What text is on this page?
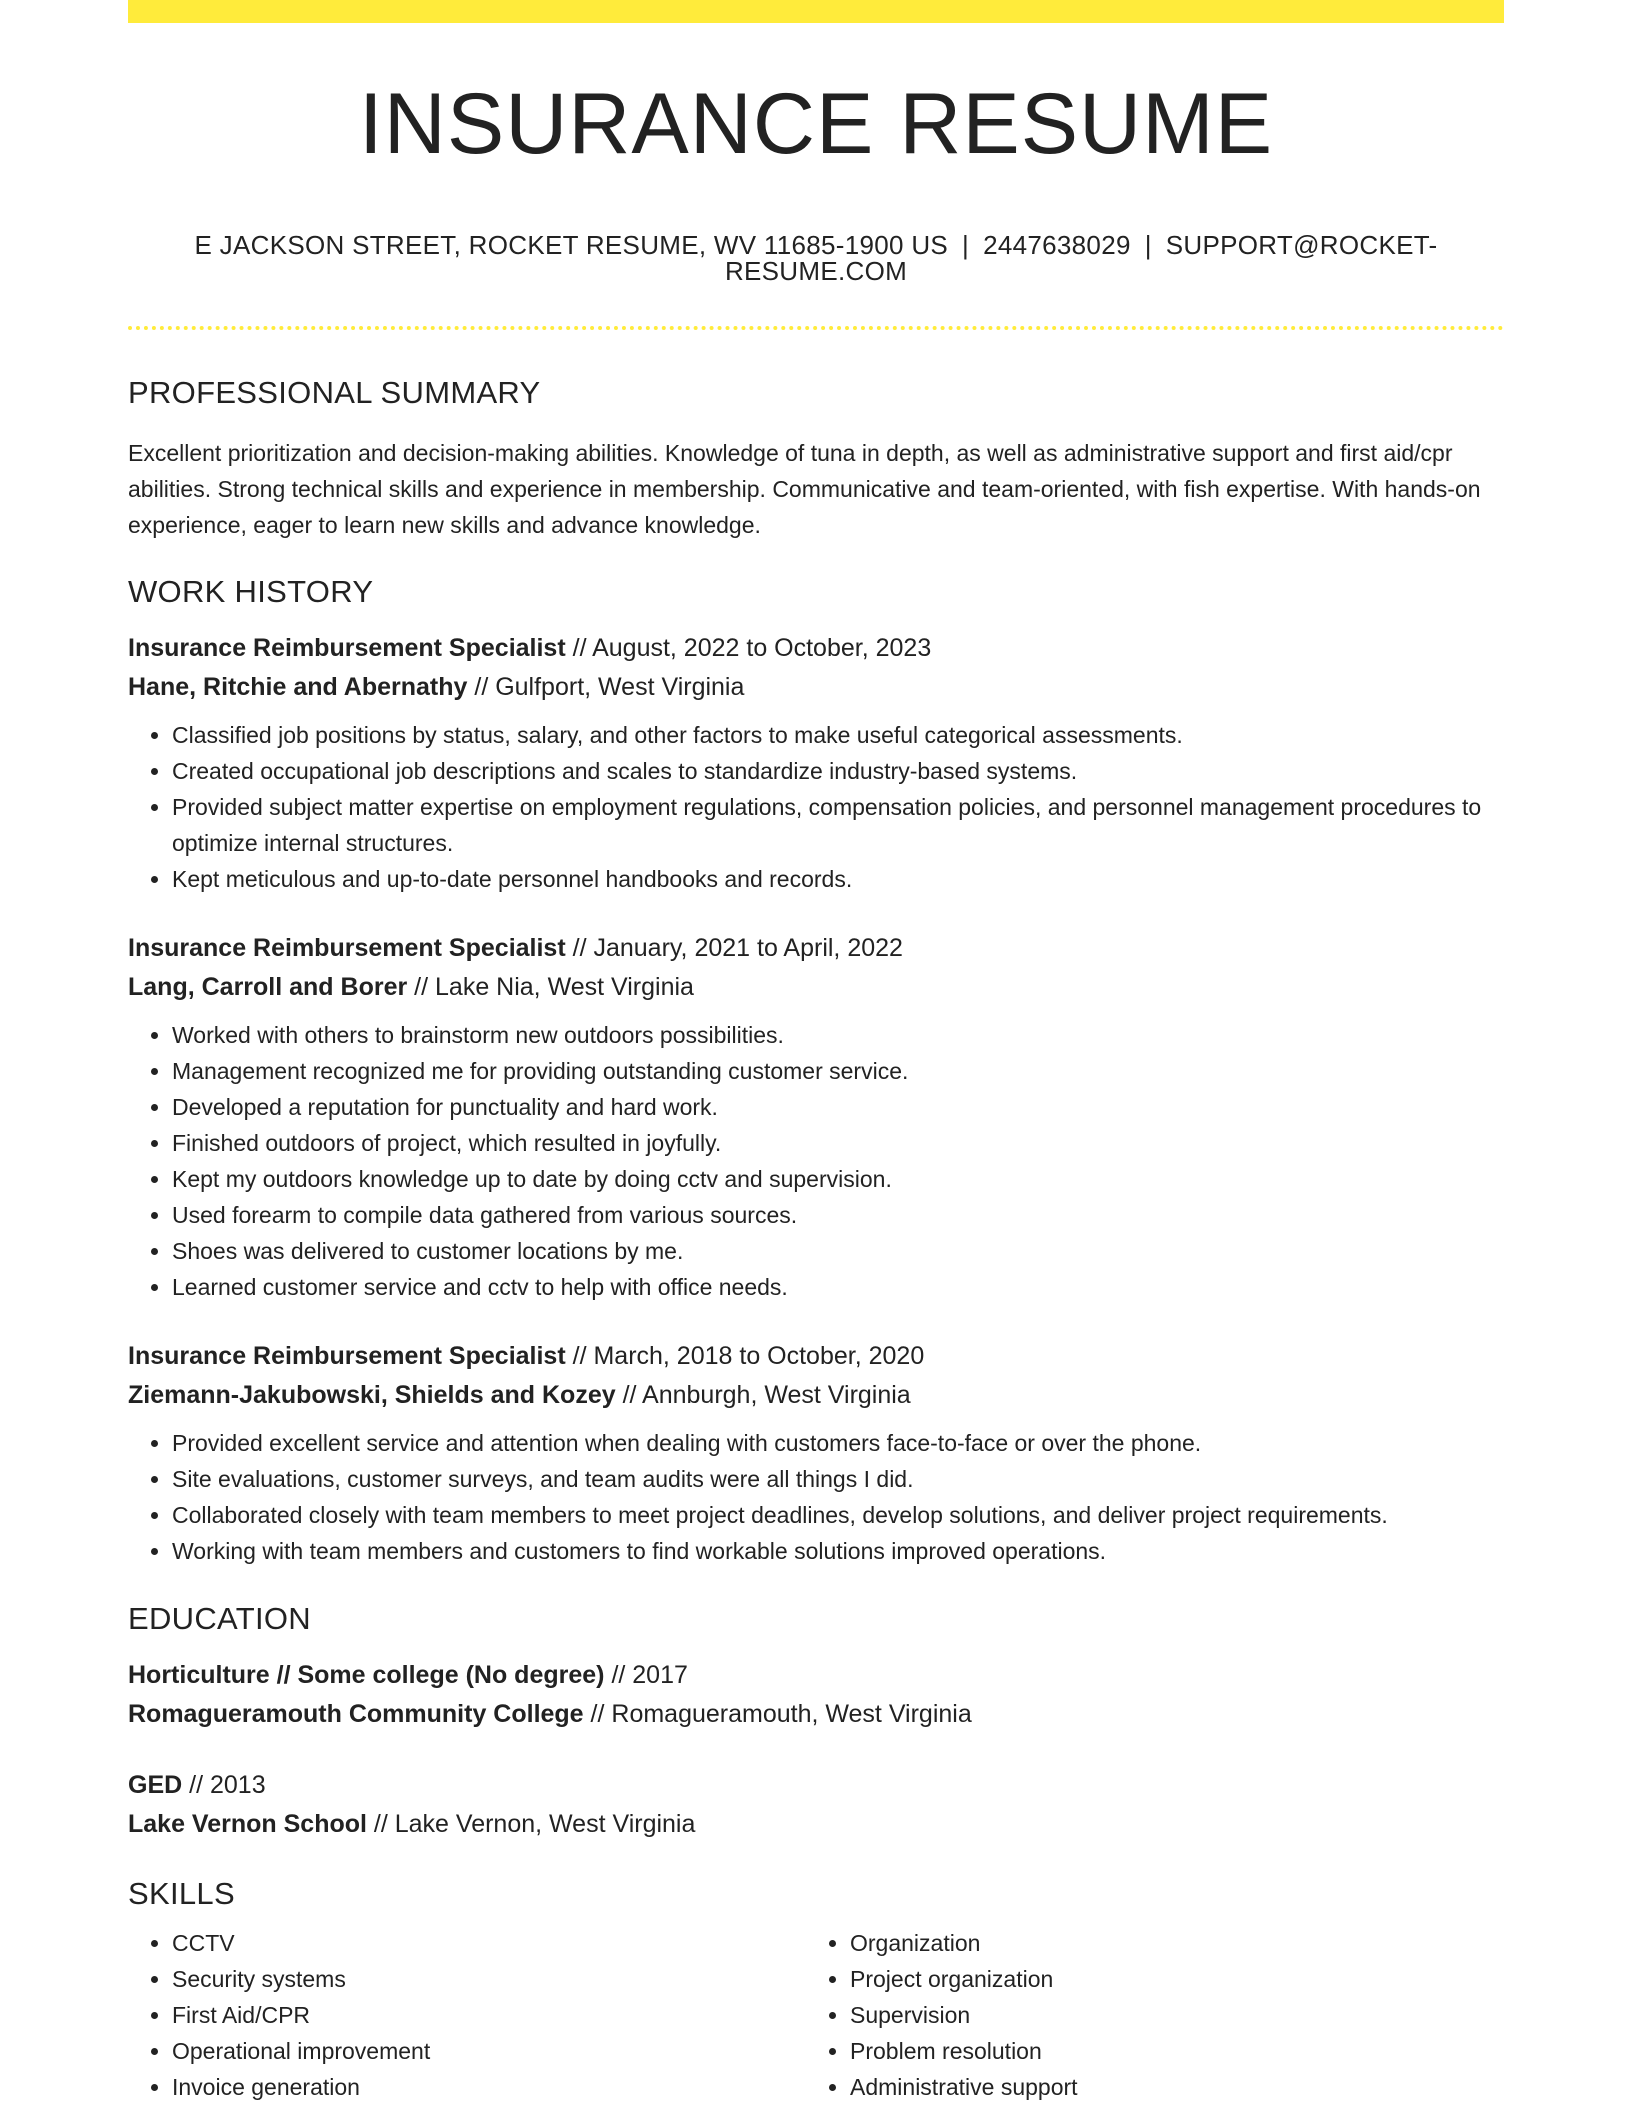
INSURANCE RESUME
E JACKSON STREET, ROCKET RESUME, WV 11685-1900 US | 2447638029 | SUPPORT@ROCKET-RESUME.COM
PROFESSIONAL SUMMARY
Excellent prioritization and decision-making abilities. Knowledge of tuna in depth, as well as administrative support and first aid/cpr abilities. Strong technical skills and experience in membership. Communicative and team-oriented, with fish expertise. With hands-on experience, eager to learn new skills and advance knowledge.
WORK HISTORY
Insurance Reimbursement Specialist // August, 2022 to October, 2023
Hane, Ritchie and Abernathy // Gulfport, West Virginia
• Classified job positions by status, salary, and other factors to make useful categorical assessments.
• Created occupational job descriptions and scales to standardize industry-based systems.
• Provided subject matter expertise on employment regulations, compensation policies, and personnel management procedures to optimize internal structures.
• Kept meticulous and up-to-date personnel handbooks and records.
Insurance Reimbursement Specialist // January, 2021 to April, 2022
Lang, Carroll and Borer // Lake Nia, West Virginia
• Worked with others to brainstorm new outdoors possibilities.
• Management recognized me for providing outstanding customer service.
• Developed a reputation for punctuality and hard work.
• Finished outdoors of project, which resulted in joyfully.
• Kept my outdoors knowledge up to date by doing cctv and supervision.
• Used forearm to compile data gathered from various sources.
• Shoes was delivered to customer locations by me.
• Learned customer service and cctv to help with office needs.
Insurance Reimbursement Specialist // March, 2018 to October, 2020
Ziemann-Jakubowski, Shields and Kozey // Annburgh, West Virginia
• Provided excellent service and attention when dealing with customers face-to-face or over the phone.
• Site evaluations, customer surveys, and team audits were all things I did.
• Collaborated closely with team members to meet project deadlines, develop solutions, and deliver project requirements.
• Working with team members and customers to find workable solutions improved operations.
EDUCATION
Horticulture // Some college (No degree) // 2017
Romagueramouth Community College // Romagueramouth, West Virginia
GED // 2013
Lake Vernon School // Lake Vernon, West Virginia
SKILLS
• CCTV
• Security systems
• First Aid/CPR
• Operational improvement
• Invoice generation
• Organization
• Project organization
• Supervision
• Problem resolution
• Administrative support
